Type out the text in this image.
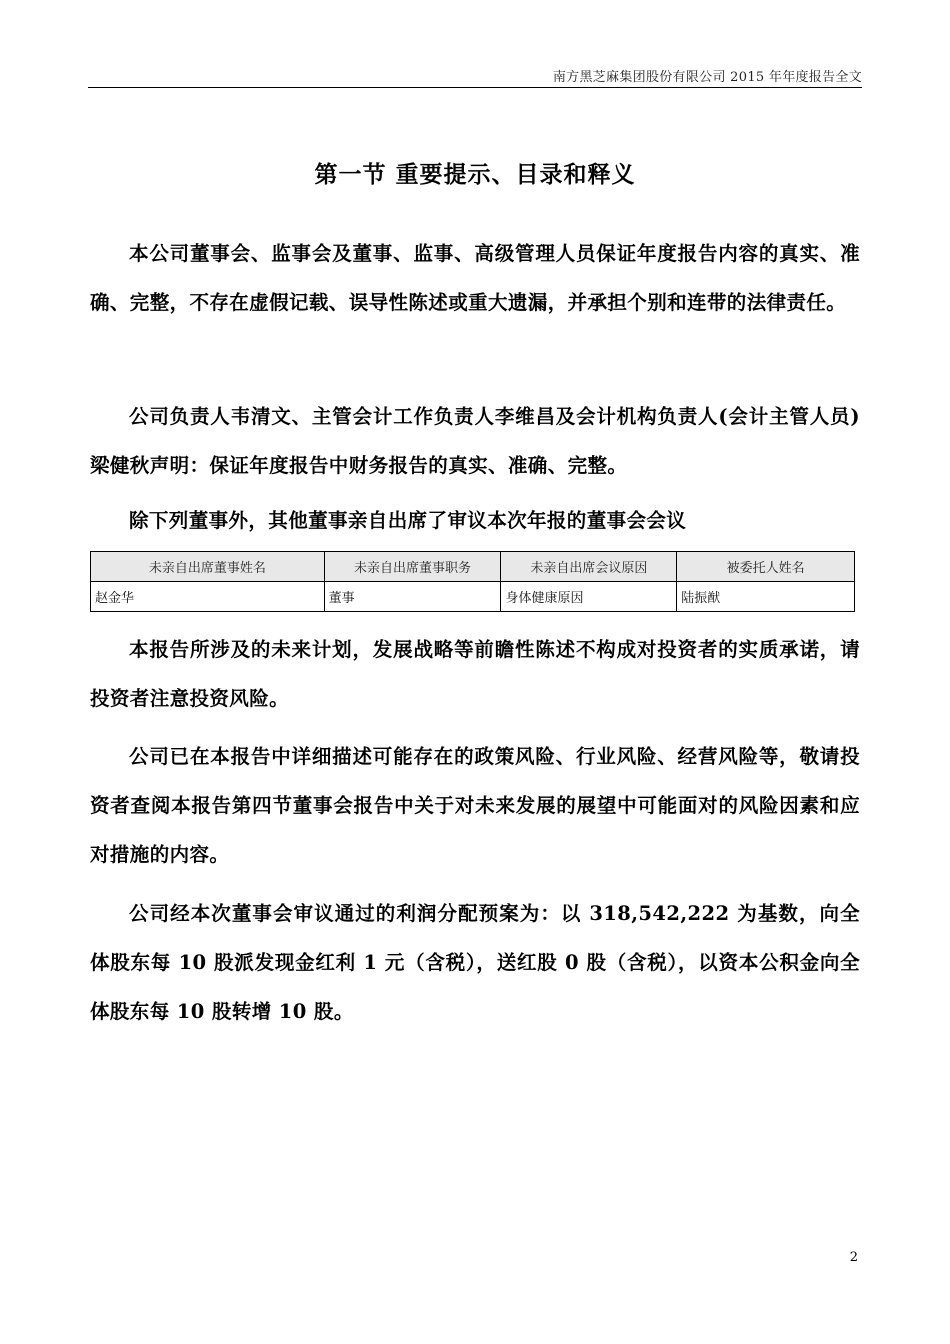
南方黑芝麻集团股份有限公司 2015 年年度报告全文
第一节 重要提示、目录和释义

本公司董事会、监事会及董事、监事、高级管理人员保证年度报告内容的真实、准确、完整，不存在虚假记载、误导性陈述或重大遗漏，并承担个别和连带的法律责任。

除下列董事外，其他董事亲自出席了审议本次年报的董事会会议

未亲自出席董事姓名	未亲自出席董事职务	未亲自出席会议原因	被委托人姓名
赵金华	董事	身体健康原因	陆振猷

公司负责人韦清文、主管会计工作负责人李维昌及会计机构负责人(会计主管人员)梁健秋声明：保证年度报告中财务报告的真实、准确、完整。

本报告所涉及的未来计划，发展战略等前瞻性陈述不构成对投资者的实质承诺，请投资者注意投资风险。

公司已在本报告中详细描述可能存在的政策风险、行业风险、经营风险等，敬请投资者查阅本报告第四节董事会报告中关于对未来发展的展望中可能面对的风险因素和应对措施的内容。

公司经本次董事会审议通过的利润分配预案为：以 318,542,222 为基数，向全体股东每 10 股派发现金红利 1 元（含税），送红股 0 股（含税），以资本公积金向全体股东每 10 股转增 10 股。

2
